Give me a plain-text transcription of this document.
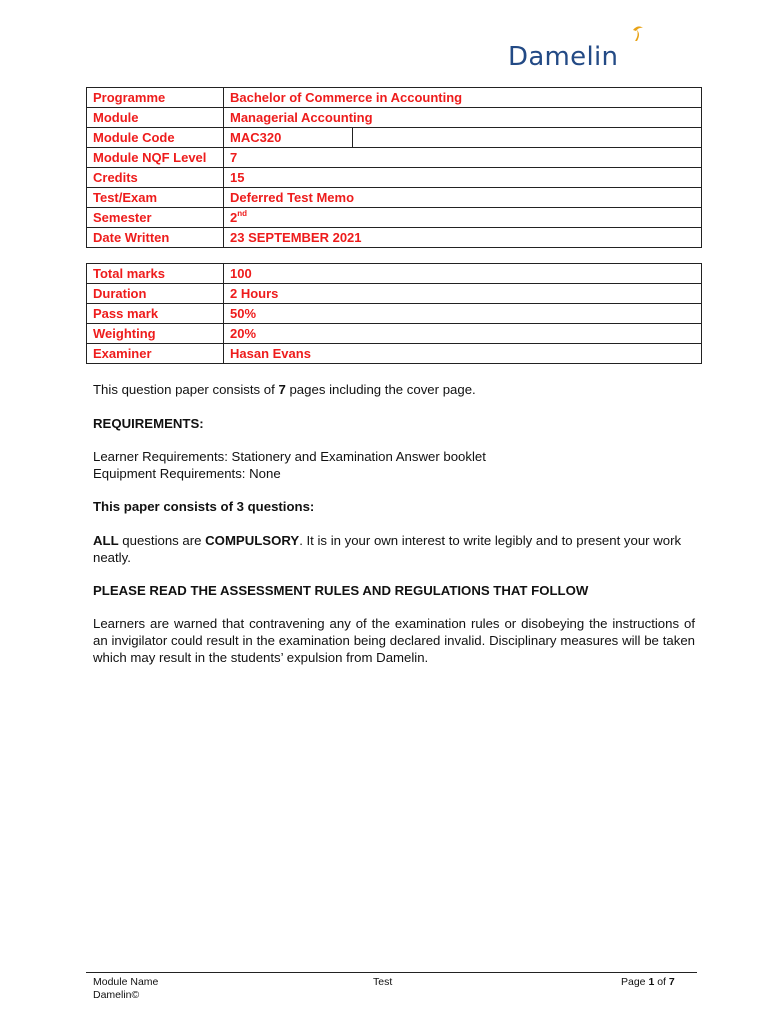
Damelin
Programme	Bachelor of Commerce in Accounting	
Module	Managerial Accounting	
Module Code	MAC320	
Module NQF Level	7	
Credits	15	
Test/Exam	Deferred Test Memo	
Semester	2nd
Date Written	23 SEPTEMBER 2021	
Total marks	100
Duration	2 Hours
Pass mark	50%
Weighting	20%
Examiner	Hasan Evans
This question paper consists of 7 pages including the cover page.
REQUIREMENTS:

Learner Requirements: Stationery and Examination Answer booklet

Equipment Requirements: None

This paper consists of 3 questions:
ALL questions are COMPULSORY. It is in your own interest to write legibly and to present your work neatly.
PLEASE READ THE ASSESSMENT RULES AND REGULATIONS THAT FOLLOW
Learners are warned that contravening any of the examination rules or disobeying the instructions of an invigilator could result in the examination being declared invalid. Disciplinary measures will be taken which may result in the students’ expulsion from Damelin.
Module Name
Damelin©
Test	Page 1 of 7
